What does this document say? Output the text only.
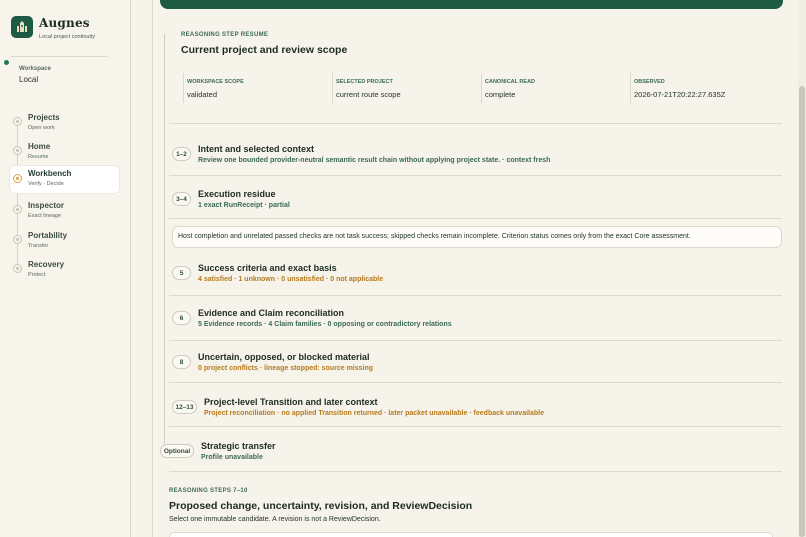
Augnes
Local project continuity
Workspace
Local
Projects
Open work
Home
Resume
Workbench
Verify · Decide
Inspector
Exact lineage
Portability
Transfer
Recovery
Protect
REASONING STEP RESUME
Current project and review scope
WORKSPACE SCOPE
validated
SELECTED PROJECT
current route scope
CANONICAL READ
complete
OBSERVED
2026-07-21T20:22:27.635Z
1–2	Intent and selected context
Review one bounded provider-neutral semantic result chain without applying project state. · context fresh
3–4	Execution residue
1 exact RunReceipt · partial
Host completion and unrelated passed checks are not task success; skipped checks remain incomplete. Criterion status comes only from the exact Core assessment.
5	Success criteria and exact basis
4 satisfied · 1 unknown · 0 unsatisfied · 0 not applicable
6	Evidence and Claim reconciliation
5 Evidence records · 4 Claim families · 0 opposing or contradictory relations
8	Uncertain, opposed, or blocked material
0 project conflicts · lineage stopped: source missing
12–13	Project-level Transition and later context
Project reconciliation · no applied Transition returned · later packet unavailable · feedback unavailable
Optional	Strategic transfer
Profile unavailable
REASONING STEPS 7–10
Proposed change, uncertainty, revision, and ReviewDecision
Select one immutable candidate. A revision is not a ReviewDecision.
